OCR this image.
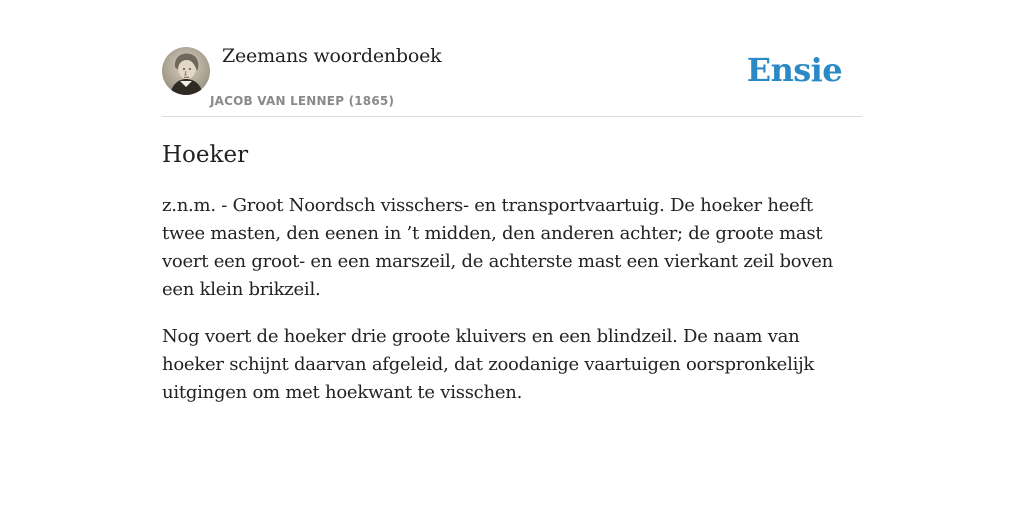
Zeemans woordenboek
JACOB VAN LENNEP (1865)
Ensie
Hoeker

z.n.m. - Groot Noordsch visschers- en transportvaartuig. De hoeker heeft twee masten, den eenen in ’t midden, den anderen achter; de groote mast voert een groot- en een marszeil, de achterste mast een vierkant zeil boven een klein brikzeil.

Nog voert de hoeker drie groote kluivers en een blindzeil. De naam van hoeker schijnt daarvan afgeleid, dat zoodanige vaartuigen oorspronkelijk uitgingen om met hoekwant te visschen.
